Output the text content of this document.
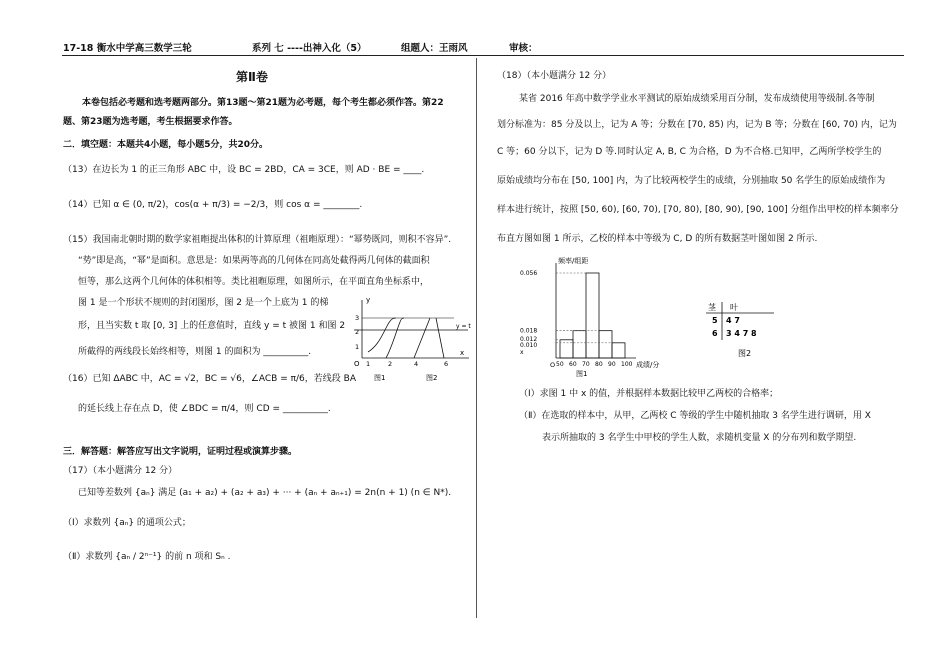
17-18 衡水中学高三数学三轮	系列 七 ----出神入化（5）	组题人：王雨风	审核：
第Ⅱ卷
本卷包括必考题和选考题两部分。第13题～第21题为必考题，每个考生都必须作答。第22
题、第23题为选考题，考生根据要求作答。
二．填空题：本题共4小题，每小题5分，共20分。
（13）在边长为 1 的正三角形 ABC 中，设 BC = 2BD，CA = 3CE，则 AD · BE = ____.
（14）已知 α ∈ (0, π/2)，cos(α + π/3) = −2/3，则 cos α = ________.
（15）我国南北朝时期的数学家祖暅提出体积的计算原理（祖暅原理）：“幂势既同，则积不容异”.
“势”即是高，“幂”是面积。意思是：如果两等高的几何体在同高处截得两几何体的截面积
恒等，那么这两个几何体的体积相等。类比祖暅原理，如图所示，在平面直角坐标系中，
图 1 是一个形状不规则的封闭图形，图 2 是一个上底为 1 的梯
形，且当实数 t 取 [0, 3] 上的任意值时，直线 y = t 被图 1 和图 2
所截得的两线段长始终相等，则图 1 的面积为 __________.
y
x
O
3
2
1
y = t
1	2	4	6
图1	图2
（16）已知 ΔABC 中，AC = √2，BC = √6，∠ACB = π/6，若线段 BA
的延长线上存在点 D，使 ∠BDC = π/4，则 CD = __________.
三．解答题：解答应写出文字说明，证明过程或演算步骤。
（17）（本小题满分 12 分）
已知等差数列 {aₙ} 满足 (a₁ + a₂) + (a₂ + a₃) + ··· + (aₙ + aₙ₊₁) = 2n(n + 1) (n ∈ N*).
（Ⅰ）求数列 {aₙ} 的通项公式；
（Ⅱ）求数列 {aₙ / 2ⁿ⁻¹} 的前 n 项和 Sₙ .
（18）（本小题满分 12 分）
某省 2016 年高中数学学业水平测试的原始成绩采用百分制，发布成绩使用等级制.各等制
划分标准为：85 分及以上，记为 A 等；分数在 [70, 85) 内，记为 B 等；分数在 [60, 70) 内，记为
C 等；60 分以下，记为 D 等.同时认定 A, B, C 为合格，D 为不合格.已知甲，乙两所学校学生的
原始成绩均分布在 [50, 100] 内，为了比较两校学生的成绩，分别抽取 50 名学生的原始成绩作为
样本进行统计，按照 [50, 60), [60, 70), [70, 80), [80, 90), [90, 100] 分组作出甲校的样本频率分
布直方图如图 1 所示，乙校的样本中等级为 C, D 的所有数据茎叶图如图 2 所示.
频率/组距
成绩/分
O
图1
0.056
0.018
0.012
0.010
x
50 60 70 80 90 100
茎 叶
5 4 7
6 3 4 7 8
图2
（Ⅰ）求图 1 中 x 的值，并根据样本数据比较甲乙两校的合格率；
（Ⅱ）在选取的样本中，从甲，乙两校 C 等级的学生中随机抽取 3 名学生进行调研，用 X
表示所抽取的 3 名学生中甲校的学生人数，求随机变量 X 的分布列和数学期望.
